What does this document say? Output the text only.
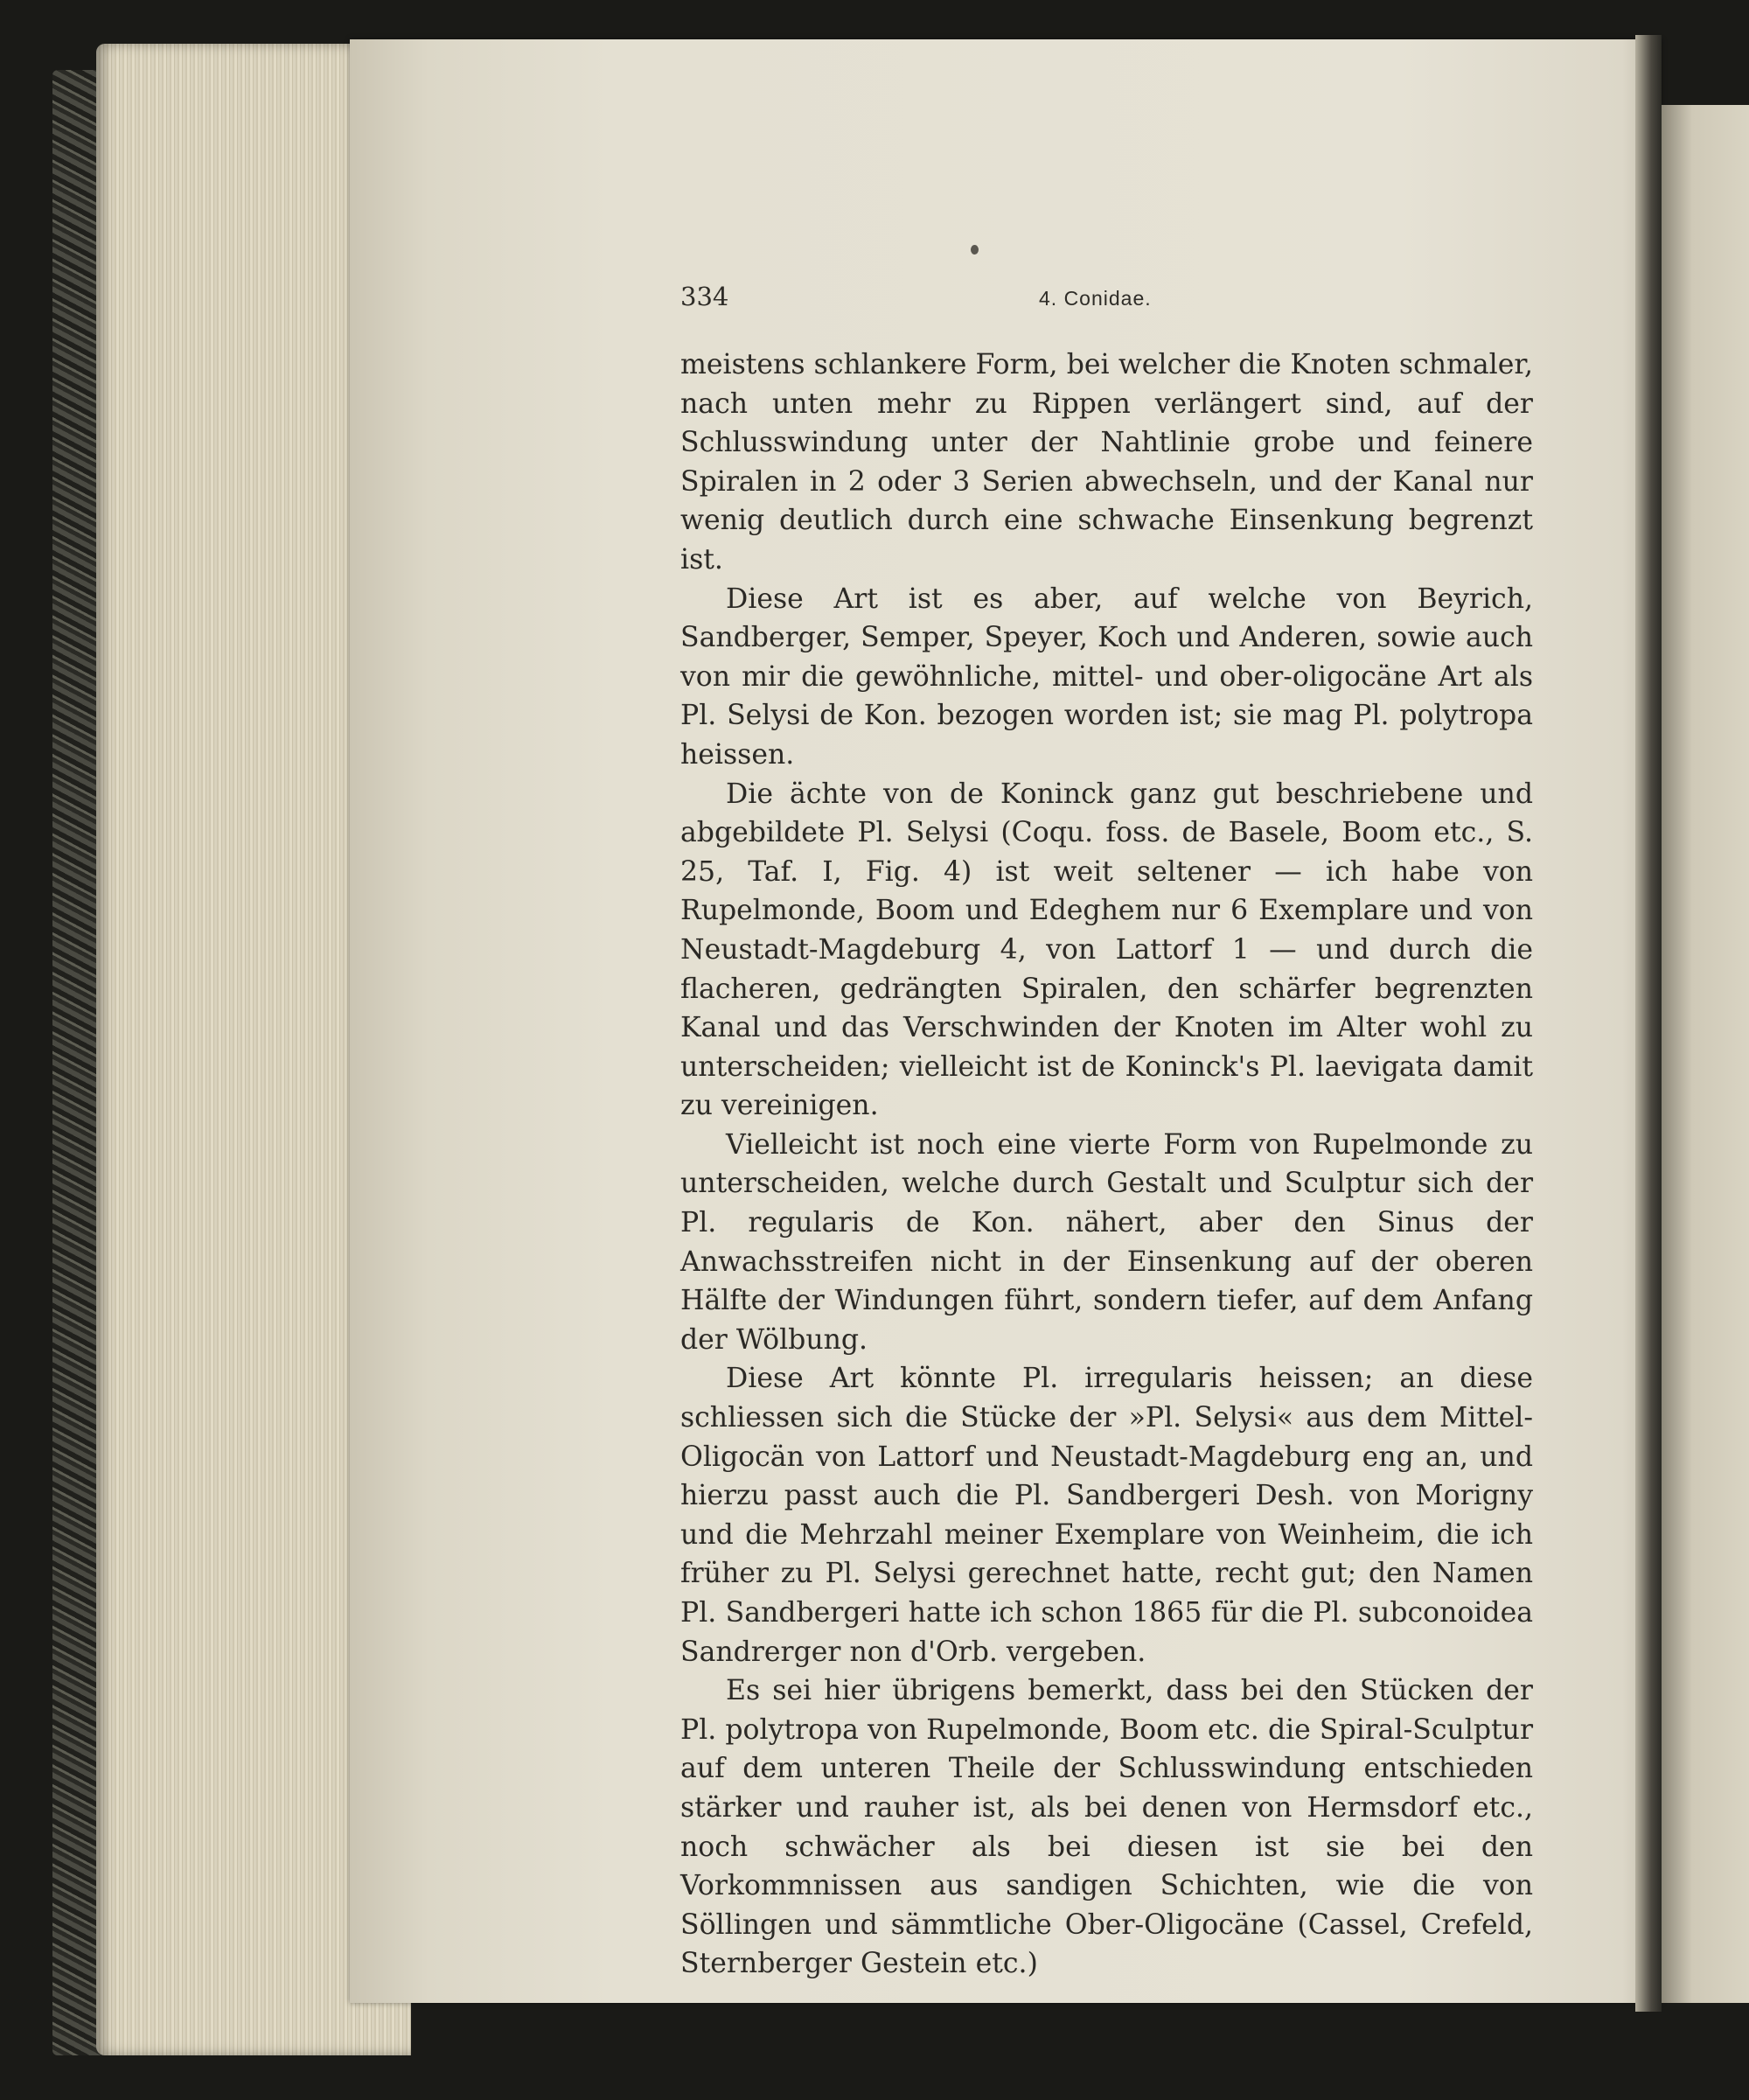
334	4. Conidae.

meistens schlankere Form, bei welcher die Knoten schmaler, nach unten mehr zu Rippen verlängert sind, auf der Schlusswindung unter der Nahtlinie grobe und feinere Spiralen in 2 oder 3 Serien abwechseln, und der Kanal nur wenig deutlich durch eine schwache Einsenkung begrenzt ist.

Diese Art ist es aber, auf welche von Beyrich, Sandberger, Semper, Speyer, Koch und Anderen, sowie auch von mir die gewöhnliche, mittel- und ober-oligocäne Art als Pl. Selysi de Kon. bezogen worden ist; sie mag Pl. polytropa heissen.

Die ächte von de Koninck ganz gut beschriebene und abgebildete Pl. Selysi (Coqu. foss. de Basele, Boom etc., S. 25, Taf. I, Fig. 4) ist weit seltener — ich habe von Rupelmonde, Boom und Edeghem nur 6 Exemplare und von Neustadt-Magdeburg 4, von Lattorf 1 — und durch die flacheren, gedrängten Spiralen, den schärfer begrenzten Kanal und das Verschwinden der Knoten im Alter wohl zu unterscheiden; vielleicht ist de Koninck's Pl. laevigata damit zu vereinigen.

Vielleicht ist noch eine vierte Form von Rupelmonde zu unterscheiden, welche durch Gestalt und Sculptur sich der Pl. regularis de Kon. nähert, aber den Sinus der Anwachsstreifen nicht in der Einsenkung auf der oberen Hälfte der Windungen führt, sondern tiefer, auf dem Anfang der Wölbung.

Diese Art könnte Pl. irregularis heissen; an diese schliessen sich die Stücke der »Pl. Selysi« aus dem Mittel-Oligocän von Lattorf und Neustadt-Magdeburg eng an, und hierzu passt auch die Pl. Sandbergeri Desh. von Morigny und die Mehrzahl meiner Exemplare von Weinheim, die ich früher zu Pl. Selysi gerechnet hatte, recht gut; den Namen Pl. Sandbergeri hatte ich schon 1865 für die Pl. subconoidea Sandrerger non d'Orb. vergeben.

Es sei hier übrigens bemerkt, dass bei den Stücken der Pl. polytropa von Rupelmonde, Boom etc. die Spiral-Sculptur auf dem unteren Theile der Schlusswindung entschieden stärker und rauher ist, als bei denen von Hermsdorf etc., noch schwächer als bei diesen ist sie bei den Vorkommnissen aus sandigen Schichten, wie die von Söllingen und sämmtliche Ober-Oligocäne (Cassel, Crefeld, Sternberger Gestein etc.)
